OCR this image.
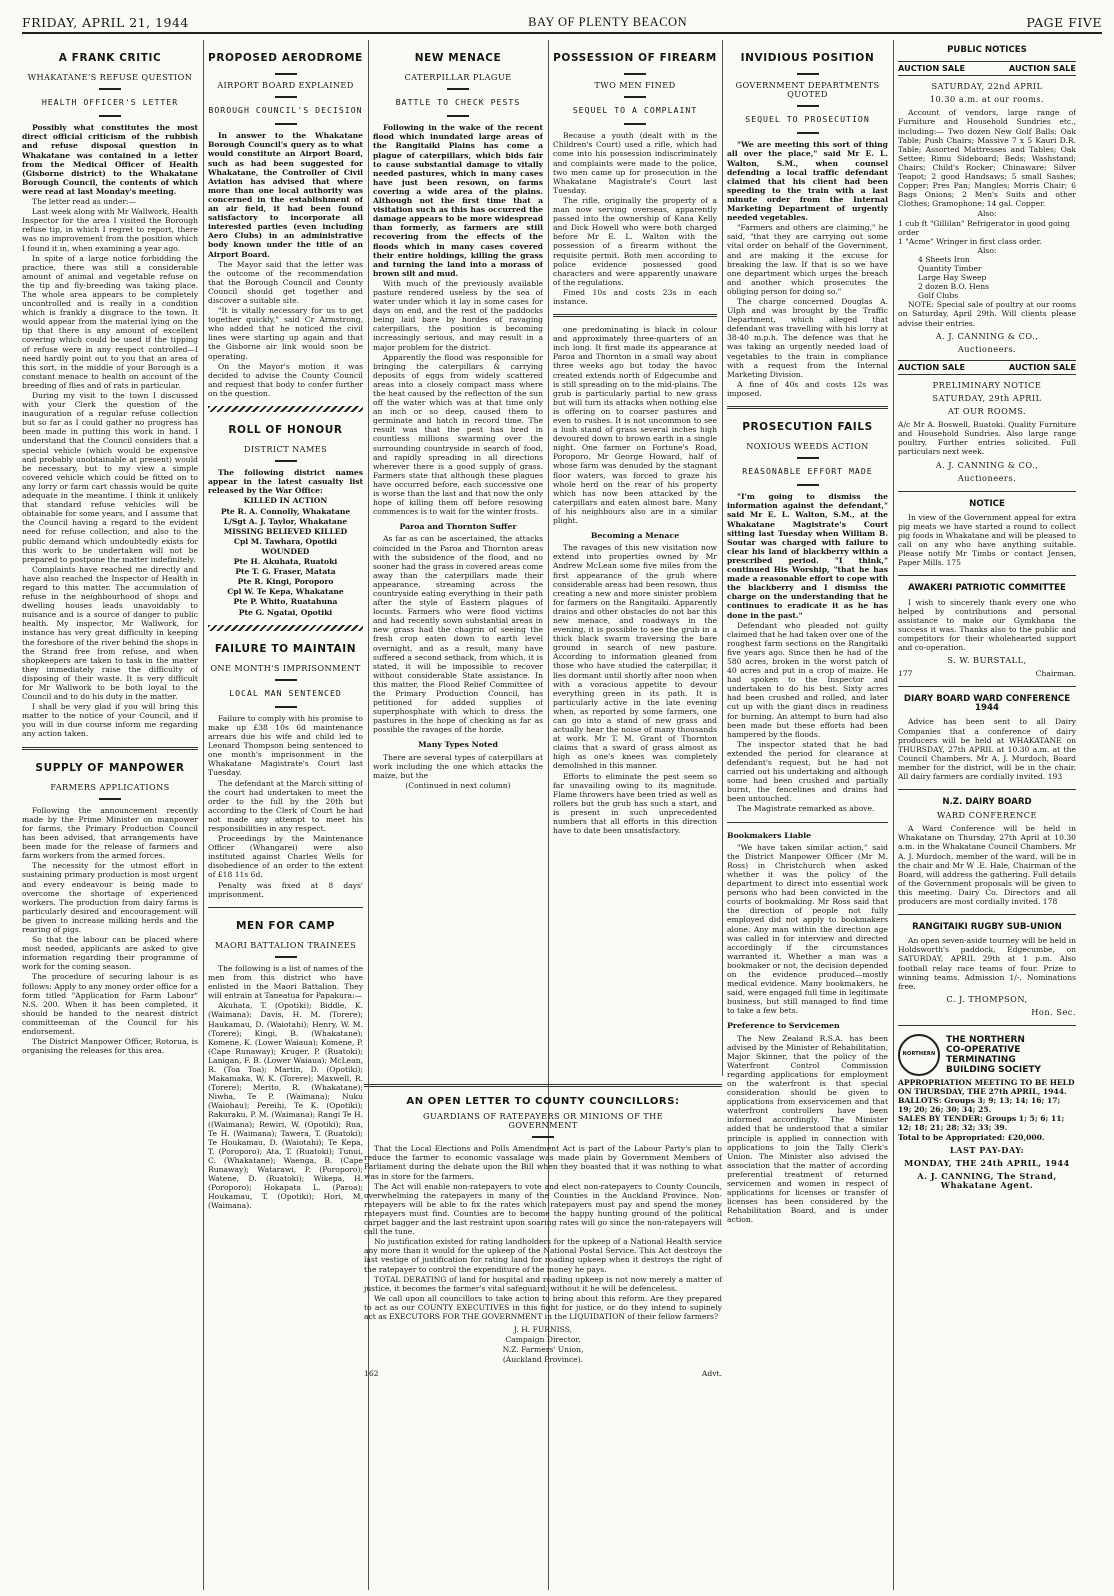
FRIDAY, APRIL 21, 1944	BAY OF PLENTY BEACON	PAGE FIVE
A FRANK CRITIC
WHAKATANE'S REFUSE QUESTION
HEALTH OFFICER'S LETTER

Possibly what constitutes the most direct official criticism of the rubbish and refuse disposal question in Whakatane was contained in a letter from the Medical Officer of Health (Gisborne district) to the Whakatane Borough Council, the contents of which were read at last Monday's meeting.

The letter read as under:—

Last week along with Mr Wallwork, Health Inspector for the area I visited the Borough refuse tip, in which I regret to report, there was no improvement from the position which I found it in, when examining a year ago.

In spite of a large notice forbidding the practice, there was still a considerable amount of animal and vegetable refuse on the tip and fly-breeding was taking place. The whole area appears to be completely uncontrolled and is really in a condition which is frankly a disgrace to the town. It would appear from the material lying on the tip that there is any amount of excellent covering which could be used if the tipping of refuse were in any respect controlled—I need hardly point out to you that an area of this sort, in the middle of your Borough is a constant menace to health on account of the breeding of flies and of rats in particular.

During my visit to the town I discussed with your Clerk the question of the inauguration of a regular refuse collection but so far as I could gather no progress has been made in putting this work in hand. I understand that the Council considers that a special vehicle (which would be expensive and probably unobtainable at present) would be necessary, but to my view a simple covered vehicle which could be fitted on to any lorry or farm cart chassis would be quite adequate in the meantime. I think it unlikely that standard refuse vehicles will be obtainable for some years, and I assume that the Council having a regard to the evident need for refuse collection, and also to the public demand which undoubtedly exists for this work to be undertaken will not be prepared to postpone the matter indefinitely.

Complaints have reached me directly and have also reached the Inspector of Health in regard to this matter. The accumulation of refuse in the neighbourhood of shops and dwelling houses leads unavoidably to nuisance and is a source of danger to public health. My inspector, Mr Wallwork, for instance has very great difficulty in keeping the foreshore of the river behind the shops in the Strand free from refuse, and when shopkeepers are taken to task in the matter they immediately raise the difficulty of disposing of their waste. It is very difficult for Mr Wallwork to be both loyal to the Council and to do his duty in the matter.

I shall be very glad if you will bring this matter to the notice of your Council, and if you will in due course inform me regarding any action taken.

SUPPLY OF MANPOWER
FARMERS APPLICATIONS

Following the announcement recently made by the Prime Minister on manpower for farms, the Primary Production Council has been advised, that arrangements have been made for the release of farmers and farm workers from the armed forces.

The necessity for the utmost effort in sustaining primary production is most urgent and every endeavour is being made to overcome the shortage of experienced workers. The production from dairy farms is particularly desired and encouragement will be given to increase milking herds and the rearing of pigs.

So that the labour can be placed where most needed, applicants are asked to give information regarding their programme of work for the coming season.

The procedure of securing labour is as follows: Apply to any money order office for a form titled "Application for Farm Labour" N.S. 200. When it has been completed, it should be handed to the nearest district committeeman of the Council for his endorsement.

The District Manpower Officer, Rotorua, is organising the releases for this area.

PROPOSED AERODROME
AIRPORT BOARD EXPLAINED
BOROUGH COUNCIL'S DECISION

In answer to the Whakatane Borough Council's query as to what would constitute an Airport Board, such as had been suggested for Whakatane, the Controller of Civil Aviation has advised that where more than one local authority was concerned in the establishment of an air field, it had been found satisfactory to incorporate all interested parties (even including Aero Clubs) in an administrative body known under the title of an Airport Board.

The Mayor said that the letter was the outcome of the recommendation that the Borough Council and County Council should get together and discover a suitable site.

"It is vitally necessary for us to get together quickly," said Cr Armstrong, who added that he noticed the civil lines were starting up again and that the Gisborne air link would soon be operating.

On the Mayor's motion it was decided to advise the County Council and request that body to confer further on the question.

ROLL OF HONOUR
DISTRICT NAMES

The following district names appear in the latest casualty list released by the War Office:

KILLED IN ACTION
Pte R. A. Connolly, Whakatane
L/Sgt A. J. Taylor, Whakatane
MISSING BELIEVED KILLED
Cpl M. Tawhara, Opotiki
WOUNDED
Pte H. Akuhata, Ruatoki
Pte T. G. Fraser, Matata
Pte R. Kingi, Poroporo
Cpl W. Te Kepa, Whakatane
Pte P. Whito, Ruatahuna
Pte G. Ngatai, Opotiki
FAILURE TO MAINTAIN
ONE MONTH'S IMPRISONMENT
LOCAL MAN SENTENCED

Failure to comply with his promise to make up £38 10s 6d maintenance arrears due his wife and child led to Leonard Thompson being sentenced to one month's imprisonment in the Whakatane Magistrate's Court last Tuesday.

The defendant at the March sitting of the court had undertaken to meet the order to the full by the 20th but according to the Clerk of Court he had not made any attempt to meet his responsibilities in any respect.

Proceedings by the Maintenance Officer (Whangarei) were also instituted against Charles Wells for disobedience of an order to the extent of £18 11s 6d.

Penalty was fixed at 8 days' imprisonment.

MEN FOR CAMP
MAORI BATTALION TRAINEES

The following is a list of names of the men from this district who have enlisted in the Maori Battalion. They will entrain at Taneatua for Papakura:—

Akuhata, T. (Opotiki); Biddle, K. (Waimana); Davis, H. M. (Torere); Haukamau, D. (Waiotahi); Henry, W. M. (Torere); Kingi, B. (Whakatane); Komene, K. (Lower Waiaua); Komene, P. (Cape Runaway); Kruger, P. (Ruatoki); Lanigan, F. B. (Lower Waiaua); McLean, R. (Toa Toa); Martin, D. (Opotiki); Makamaka, W. K. (Torere); Maxwell, R. (Torere); Merito, R. (Whakatane); Niwha, Te P. (Waimana); Nuku (Waiohau); Pereihi, Te K. (Opotiki); Rakuraku, P. M. (Waimana); Rangi Te H. ((Waimana); Rewiri, W. (Opotiki); Rua, Te H. (Waimana); Tawera, T. (Ruatoki); Te Houkamau, D. (Waiotahi); Te Kepa, T. (Poroporo); Ata, T. (Ruatoki); Tunui, C. (Whakatane); Waenga, B. (Cape Runaway); Watarawi, P. (Poroporo); Watene, D. (Ruatoki); Wikepa, H. (Poroporo); Hokapata L. (Paroa); Houkamau, T. (Opotiki); Hori, M. (Waimana).

NEW MENACE
CATERPILLAR PLAGUE
BATTLE TO CHECK PESTS

Following in the wake of the recent flood which inundated large areas of the Rangitaiki Plains has come a plague of caterpillars, which bids fair to cause substantial damage to vitally needed pastures, which in many cases have just been resown, on farms covering a wide area of the plains. Although not the first time that a visitation such as this has occurred the damage appears to be more widespread than formerly, as farmers are still recovering from the effects of the floods which in many cases covered their entire holdings, killing the grass and turning the land into a morass of brown silt and mud.

With much of the previously available pasture rendered useless by the sea of water under which it lay in some cases for days on end, and the rest of the paddocks being laid bare by hordes of ravaging caterpillars, the position is becoming increasingly serious, and may result in a major problem for the district.

Apparently the flood was responsible for bringing the caterpillars & carrying deposits of eggs from widely scattered areas into a closely compact mass where the heat caused by the reflection of the sun off the water which was at that time only an inch or so deep, caused them to germinate and hatch in record time. The result was that the pest has bred in countless millions swarming over the surrounding countryside in search of food, and rapidly spreading in all directions wherever there is a good supply of grass. Farmers state that although these plagues have occurred before, each successive one is worse than the last and that now the only hope of killing them off before resowing commences is to wait for the winter frosts.

Paroa and Thornton Suffer

As far as can be ascertained, the attacks coincided in the Paroa and Thornton areas with the subsidence of the flood, and no sooner had the grass in covered areas come away than the caterpillars made their appearance, streaming across the countryside eating everything in their path after the style of Eastern plagues of locusts. Farmers who were flood victims and had recently sown substantial areas in new grass had the chagrin of seeing the fresh crop eaten down to earth level overnight, and as a result, many have suffered a second setback, from which, it is stated, it will be impossible to recover without considerable State assistance. In this matter, the Flood Relief Committee of the Primary Production Council, has petitioned for added supplies of superphosphate with which to dress the pastures in the hope of checking as far as possible the ravages of the horde.

Many Types Noted

There are several types of caterpillars at work including the one which attacks the maize, but the

(Continued in next column)
POSSESSION OF FIREARM
TWO MEN FINED
SEQUEL TO A COMPLAINT

Because a youth (dealt with in the Children's Court) used a rifle, which had come into his possession indiscriminately and complaints were made to the police, two men came up for prosecution in the Whakatane Magistrate's Court last Tuesday.

The rifle, originally the property of a man now serving overseas, apparently passed into the ownership of Kana Kelly and Dick Howell who were both charged before Mr E. L. Walton with the possession of a firearm without the requisite permit. Both men according to police evidence possessed good characters and were apparently unaware of the regulations.

Fined 10s and costs 23s in each instance.

one predominating is black in colour and approximately three-quarters of an inch long. It first made its appearance at Paroa and Thornton in a small way about three weeks ago but today the havoc created extends north of Edgecumbe and is still spreading on to the mid-plains. The grub is particularly partial to new grass but will turn its attacks when nothing else is offering on to coarser pastures and even to rushes. It is not uncommon to see a lush stand of grass several inches high devoured down to brown earth in a single night. One farmer on Fortune's Road, Poroporo, Mr George Howard, half of whose farm was denuded by the stagnant floor waters, was forced to graze his whole herd on the rear of his property which has now been attacked by the caterpillars and eaten almost bare. Many of his neighbours also are in a similar plight.

Becoming a Menace

The ravages of this new visitation now extend into properties owned by Mr Andrew McLean some five miles from the first appearance of the grub where considerable areas had been resown, thus creating a new and more sinister problem for farmers on the Rangitaiki. Apparently drains and other obstacles do not bar this new menace, and roadways in the evening, it is possible to see the grub in a thick black swarm traversing the bare ground in search of new pasture. According to information gleaned from those who have studied the caterpillar, it lies dormant until shortly after noon when with a voracious appetite to devour everything green in its path. It is particularly active in the late evening when, as reported by some farmers, one can go into a stand of new grass and actually hear the noise of many thousands at work. Mr T. M. Grant of Thornton claims that a sward of grass almost as high as one's knees was completely demolished in this manner.

Efforts to eliminate the pest seem so far unavailing owing to its magnitude. Flame throwers have been tried as well as rollers but the grub has such a start, and is present in such unprecedented numbers that all efforts in this direction have to date been unsatisfactory.

INVIDIOUS POSITION
GOVERNMENT DEPARTMENTS QUOTED
SEQUEL TO PROSECUTION

"We are meeting this sort of thing all over the place," said Mr E. L. Walton, S.M., when counsel defending a local traffic defendant claimed that his client had been speeding to the train with a last minute order from the Internal Marketing Department of urgently needed vegetables.

"Farmers and others are claiming," he said, "that they are carrying out some vital order on behalf of the Government, and are making it the excuse for breaking the law. If that is so we have one department which urges the breach and another which prosecutes the obliging person for doing so."

The charge concerned Douglas A. Ulph and was brought by the Traffic Department, which alleged that defendant was travelling with his lorry at 38-40 m.p.h. The defence was that he was taking an urgently needed load of vegetables to the train in compliance with a request from the Internal Marketing Division.

A fine of 40s and costs 12s was imposed.

PROSECUTION FAILS
NOXIOUS WEEDS ACTION
REASONABLE EFFORT MADE

"I'm going to dismiss the information against the defendant," said Mr E. L. Walton, S.M., at the Whakatane Magistrate's Court sitting last Tuesday when William B. Soutar was charged with failure to clear his land of blackberry within a prescribed period. "I think," continued His Worship, "that he has made a reasonable effort to cope with the blackberry and I dismiss the charge on the understanding that he continues to eradicate it as he has done in the past."

Defendant who pleaded not guilty claimed that he had taken over one of the roughest farm sections on the Rangitaiki five years ago. Since then he had of the 580 acres, broken in the worst patch of 40 acres and put in a crop of maize. He had spoken to the Inspector and undertaken to do his best. Sixty acres had been crushed and rolled, and later cut up with the giant discs in readiness for burning. An attempt to burn had also been made but these efforts had been hampered by the floods.

The inspector stated that he had extended the period for clearance at defendant's request, but he had not carried out his undertaking and although some had been crushed and partially burnt, the fencelines and drains had been untouched.

The Magistrate remarked as above.

Bookmakers Liable

"We have taken similar action," said the District Manpower Officer (Mr M. Ross) in Christchurch when asked whether it was the policy of the department to direct into essential work persons who had been convicted in the courts of bookmaking. Mr Ross said that the direction of people not fully employed did not apply to bookmakers alone. Any man within the direction age was called in for interview and directed accordingly if the circumstances warranted it. Whether a man was a bookmaker or not, the decision depended on the evidence produced—mostly medical evidence. Many bookmakers, he said, were engaged full time in legitimate business, but still managed to find time to take a few bets.

Preference to Servicemen

The New Zealand R.S.A. has been advised by the Minister of Rehabilitation, Major Skinner, that the policy of the Waterfront Control Commission regarding applications for employment on the waterfront is that special consideration should be given to applications from exservicemen and that waterfront controllers have been informed accordingly. The Minister added that he understood that a similar principle is applied in connection with applications to join the Tally Clerk's Union. The Minister also advised the association that the matter of according preferential treatment of returned servicemen and women in respect of applications for licenses or transfer of licenses has been considered by the Rehabilitation Board, and is under action.

PUBLIC NOTICES
AUCTION SALE	AUCTION SALE
SATURDAY, 22nd APRIL
10.30 a.m. at our rooms.

Account of vendors, large range of Furniture and Household Sundries etc., including:— Two dozen New Golf Balls; Oak Table; Push Chairs; Massive 7 x 5 Kauri D.R. Table; Assorted Mattresses and Tables; Oak Settee; Rimu Sideboard; Beds; Washstand; Chairs; Child's Rocker; Chinaware; Silver Teapot; 2 good Handsaws; 5 small Sashes; Copper; Pres Pan; Mangles; Morris Chair; 6 Bags Onions; 2 Men's Suits and other Clothes; Gramophone; 14 gal. Copper.

Also:
1 cub ft "Gillilan" Refrigerator in good going order
1 "Acme" Wringer in first class order.
Also:
4 Sheets Iron
Quantity Timber
Large Hay Sweep
2 dozen B.O. Hens
Golf Clubs

NOTE: Special sale of poultry at our rooms on Saturday, April 29th. Will clients please advise their entries.

A. J. CANNING & CO.,
Auctioneers.
AUCTION SALE	AUCTION SALE
PRELIMINARY NOTICE
SATURDAY, 29th APRIL
AT OUR ROOMS.

A/c Mr A. Boswell, Ruatoki. Quality Furniture and Household Sundries. Also large range poultry. Further entries solicited. Full particulars next week.

A. J. CANNING & CO.,
Auctioneers.
NOTICE

In view of the Government appeal for extra pig meats we have started a round to collect pig foods in Whakatane and will be pleased to call on any who have anything suitable. Please notify Mr Timbs or contact Jensen, Paper Mills. 175

AWAKERI PATRIOTIC COMMITTEE

I wish to sincerely thank every one who helped by contributions and personal assistance to make our Gymkhana the success it was. Thanks also to the public and competitors for their wholehearted support and co-operation.

S. W. BURSTALL,
177	Chairman.
DIARY BOARD WARD CONFERENCE 1944

Advice has been sent to all Dairy Companies that a conference of dairy producers will be held at WHAKATANE on THURSDAY, 27th APRIL at 10.30 a.m. at the Council Chambers. Mr A. J. Murdoch, Board member for the district, will be in the chair. All dairy farmers are cordially invited. 193

N.Z. DAIRY BOARD
WARD CONFERENCE

A Ward Conference will be held in Whakatane on Thursday, 27th April at 10.30 a.m. in the Whakatane Council Chambers. Mr A. J. Murdoch, member of the ward, will be in the chair and Mr W .E. Hale, Chairman of the Board, will address the gathering. Full details of the Government proposals will be given to this meeting. Dairy Co. Directors and all producers are most cordially invited. 178

RANGITAIKI RUGBY SUB-UNION

An open seven-aside tourney will be held in Holdsworth's paddock, Edgecumbe, on SATURDAY, APRIL 29th at 1 p.m. Also football relay race teams of four. Prize to winning teams. Admission 1/-. Nominations free.

C. J. THOMPSON,
Hon. Sec.
NORTHERN
THE NORTHERN
CO-OPERATIVE
TERMINATING
BUILDING SOCIETY
APPROPRIATION MEETING TO BE HELD ON THURSDAY, THE 27th APRIL, 1944.
BALLOTS: Groups 3; 9; 13; 14; 16; 17; 19; 20; 26; 30; 34; 25.
SALES BY TENDER: Groups 1; 5; 6; 11; 12; 18; 21; 28; 32; 33; 39.
Total to be Appropriated: £20,000.
LAST PAY-DAY:
MONDAY, THE 24th APRIL, 1944
A. J. CANNING, The Strand, Whakatane Agent.
AN OPEN LETTER TO COUNTY COUNCILLORS:
GUARDIANS OF RATEPAYERS OR MINIONS OF THE GOVERNMENT

That the Local Elections and Polls Amendment Act is part of the Labour Party's plan to reduce the farmer to economic vassalage was made plain by Government Members of Parliament during the debate upon the Bill when they boasted that it was nothing to what was in store for the farmers.

The Act will enable non-ratepayers to vote and elect non-ratepayers to County Councils, overwhelming the ratepayers in many of the Counties in the Auckland Province. Non-ratepayers will be able to fix the rates which ratepayers must pay and spend the money ratepayers must find. Counties are to become the happy hunting ground of the political carpet bagger and the last restraint upon soaring rates will go since the non-ratepayers will call the tune.

No justification existed for rating landholders for the upkeep of a National Health service any more than it would for the upkeep of the National Postal Service. This Act destroys the last vestige of justification for rating land for roading upkeep when it destroys the right of the ratepayer to control the expenditure of the money he pays.

TOTAL DERATING of land for hospital and roading upkeep is not now merely a matter of justice, it becomes the farmer's vital safeguard; without it he will be defenceless.

We call upon all councillors to take action to bring about this reform. Are they prepared to act as our COUNTY EXECUTIVES in this fight for justice, or do they intend to supinely act as EXECUTORS FOR THE GOVERNMENT in the LIQUIDATION of their fellow farmers?

J. H. FURNISS,
Campaign Director,
N.Z. Farmers' Union,
(Auckland Province).
162	Advt.
